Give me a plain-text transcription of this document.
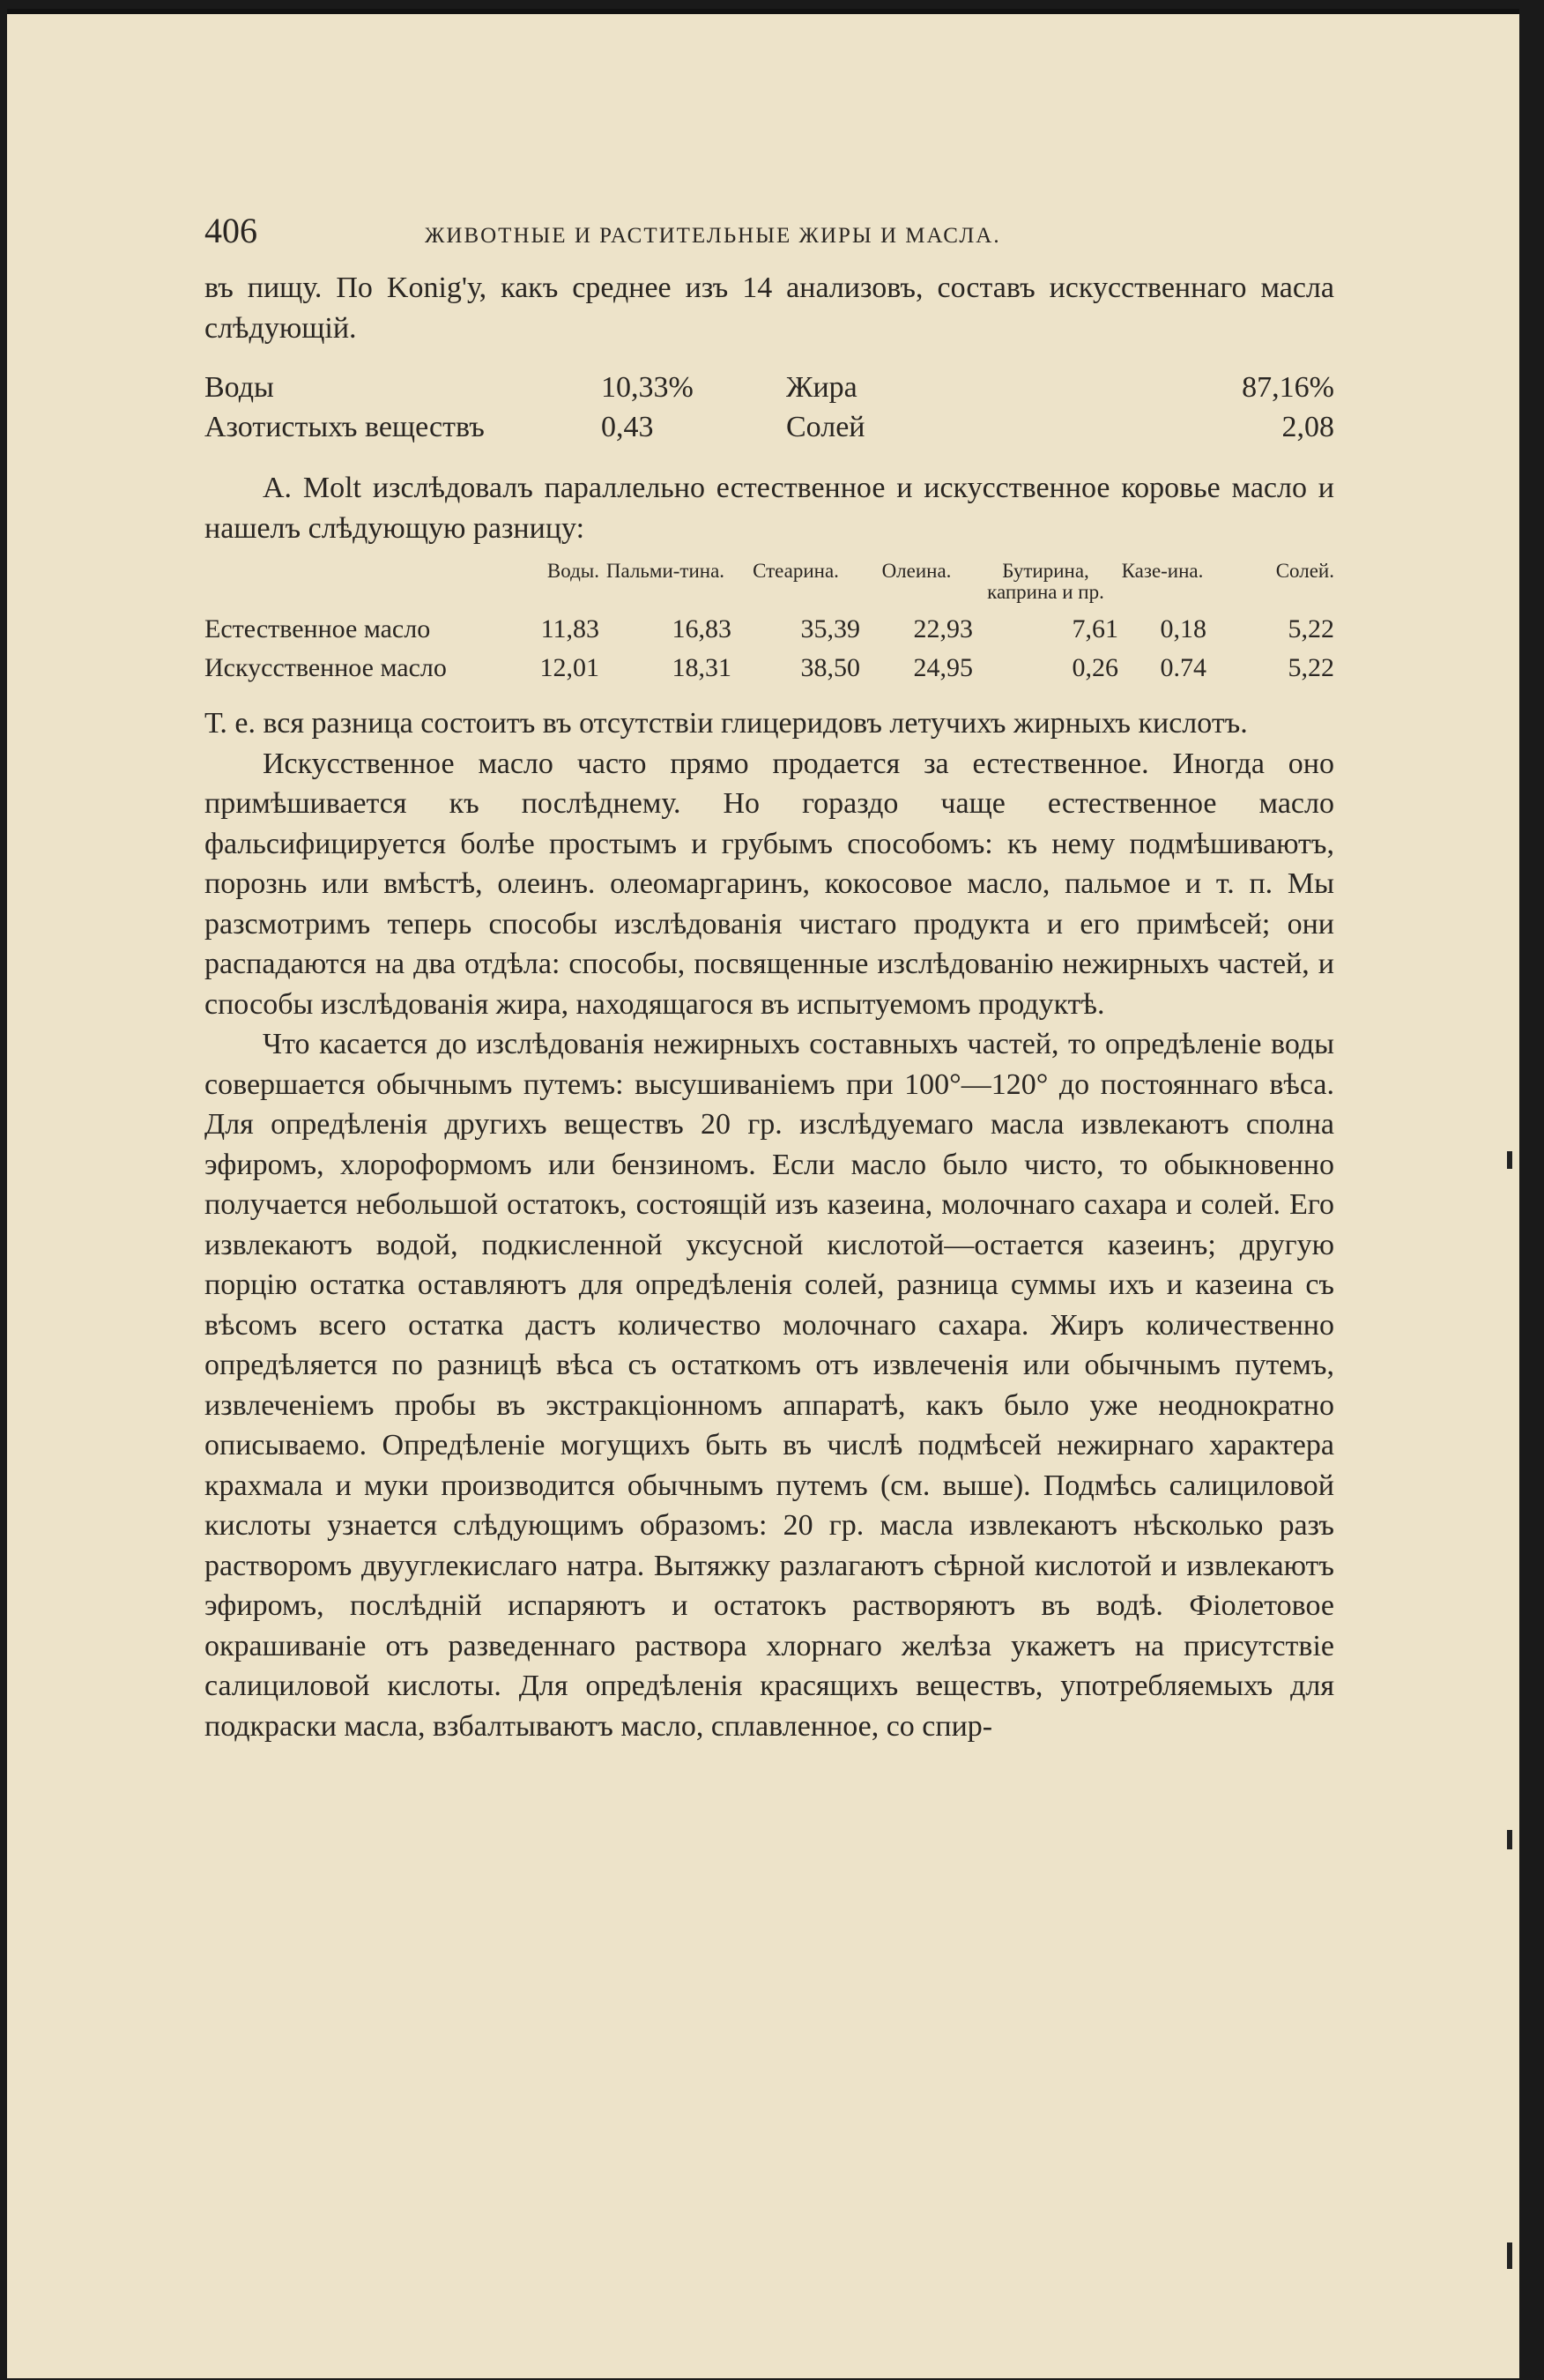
406	ЖИВОТНЫЕ И РАСТИТЕЛЬНЫЕ ЖИРЫ И МАСЛА.

въ пищу. По Konig'у, какъ среднее изъ 14 анализовъ, составъ искусственнаго масла слѣдующій.

Воды	10,33%	Жира	87,16%
Азотистыхъ веществъ	0,43	Солей	2,08

А. Molt изслѣдовалъ параллельно естественное и искусственное коровье масло и нашелъ слѣдующую разницу:

	Воды.	Пальми-тина.	Стеарина.	Олеина.	Бутирина, каприна и пр.	Казе-ина.	Солей.
Естественное масло	11,83	16,83	35,39	22,93	7,61	0,18	5,22
Искусственное масло	12,01	18,31	38,50	24,95	0,26	0.74	5,22

Т. е. вся разница состоитъ въ отсутствіи глицеридовъ летучихъ жирныхъ кислотъ.

Искусственное масло часто прямо продается за естественное. Иногда оно примѣшивается къ послѣднему. Но гораздо чаще естественное масло фальсифицируется болѣе простымъ и грубымъ способомъ: къ нему подмѣшиваютъ, порознь или вмѣстѣ, олеинъ. олеомаргаринъ, кокосовое масло, пальмое и т. п. Мы разсмотримъ теперь способы изслѣдованія чистаго продукта и его примѣсей; они распадаются на два отдѣла: способы, посвященные изслѣдованію нежирныхъ частей, и способы изслѣдованія жира, находящагося въ испытуемомъ продуктѣ.

Что касается до изслѣдованія нежирныхъ составныхъ частей, то опредѣленіе воды совершается обычнымъ путемъ: высушиваніемъ при 100°—120° до постояннаго вѣса. Для опредѣленія другихъ веществъ 20 гр. изслѣдуемаго масла извлекаютъ сполна эфиромъ, хлороформомъ или бензиномъ. Если масло было чисто, то обыкновенно получается небольшой остатокъ, состоящій изъ казеина, молочнаго сахара и солей. Его извлекаютъ водой, подкисленной уксусной кислотой—остается казеинъ; другую порцію остатка оставляютъ для опредѣленія солей, разница суммы ихъ и казеина съ вѣсомъ всего остатка дастъ количество молочнаго сахара. Жиръ количественно опредѣляется по разницѣ вѣса съ остаткомъ отъ извлеченія или обычнымъ путемъ, извлеченіемъ пробы въ экстракціонномъ аппаратѣ, какъ было уже неоднократно описываемо. Опредѣленіе могущихъ быть въ числѣ подмѣсей нежирнаго характера крахмала и муки производится обычнымъ путемъ (см. выше). Подмѣсь салициловой кислоты узнается слѣдующимъ образомъ: 20 гр. масла извлекаютъ нѣсколько разъ растворомъ двууглекислаго натра. Вытяжку разлагаютъ сѣрной кислотой и извлекаютъ эфиромъ, послѣдній испаряютъ и остатокъ растворяютъ въ водѣ. Фіолетовое окрашиваніе отъ разведеннаго раствора хлорнаго желѣза укажетъ на присутствіе салициловой кислоты. Для опредѣленія красящихъ веществъ, употребляемыхъ для подкраски масла, взбалтываютъ масло, сплавленное, со спир-
